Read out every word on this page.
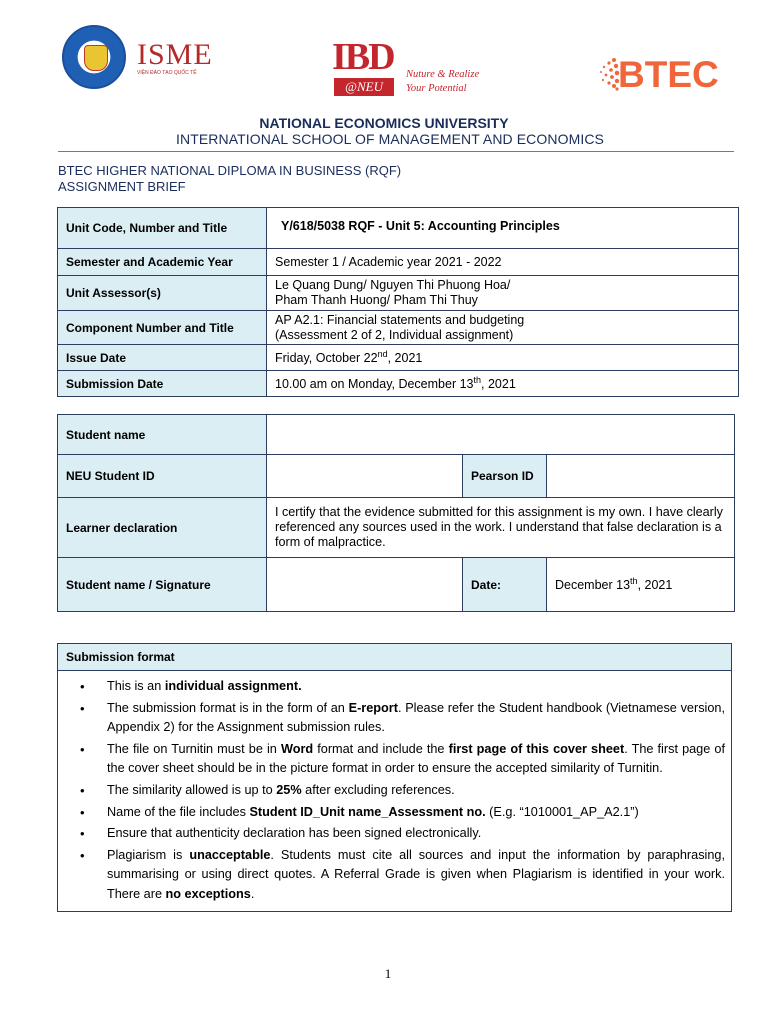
ISME
VIỆN ĐÀO TẠO QUỐC TẾ	IBD
@NEU
Nuture & Realize
Your Potential	BTEC
NATIONAL ECONOMICS UNIVERSITY
INTERNATIONAL SCHOOL OF MANAGEMENT AND ECONOMICS
BTEC HIGHER NATIONAL DIPLOMA IN BUSINESS (RQF)
ASSIGNMENT BRIEF
Unit Code, Number and Title	Y/618/5038 RQF - Unit 5: Accounting Principles
Semester and Academic Year	Semester 1 / Academic year 2021 - 2022
Unit Assessor(s)	Le Quang Dung/ Nguyen Thi Phuong Hoa/
Pham Thanh Huong/ Pham Thi Thuy

Component Number and Title	AP A2.1: Financial statements and budgeting
(Assessment 2 of 2, Individual assignment)

Issue Date	Friday, October 22nd, 2021
Submission Date	10.00 am on Monday, December 13th, 2021
Student name			
NEU Student ID		Pearson ID	
Learner declaration	I certify that the evidence submitted for this assignment is my own. I have clearly referenced any sources used in the work. I understand that false declaration is a form of malpractice.		
Student name / Signature		Date:	December 13th, 2021
Submission format

• This is an individual assignment.
• The submission format is in the form of an E-report. Please refer the Student handbook (Vietnamese version, Appendix 2) for the Assignment submission rules.
• The file on Turnitin must be in Word format and include the first page of this cover sheet. The first page of the cover sheet should be in the picture format in order to ensure the accepted similarity of Turnitin.
• The similarity allowed is up to 25% after excluding references.
• Name of the file includes Student ID_Unit name_Assessment no. (E.g. “1010001_AP_A2.1”)
• Ensure that authenticity declaration has been signed electronically.
• Plagiarism is unacceptable. Students must cite all sources and input the information by paraphrasing, summarising or using direct quotes. A Referral Grade is given when Plagiarism is identified in your work. There are no exceptions.
1
